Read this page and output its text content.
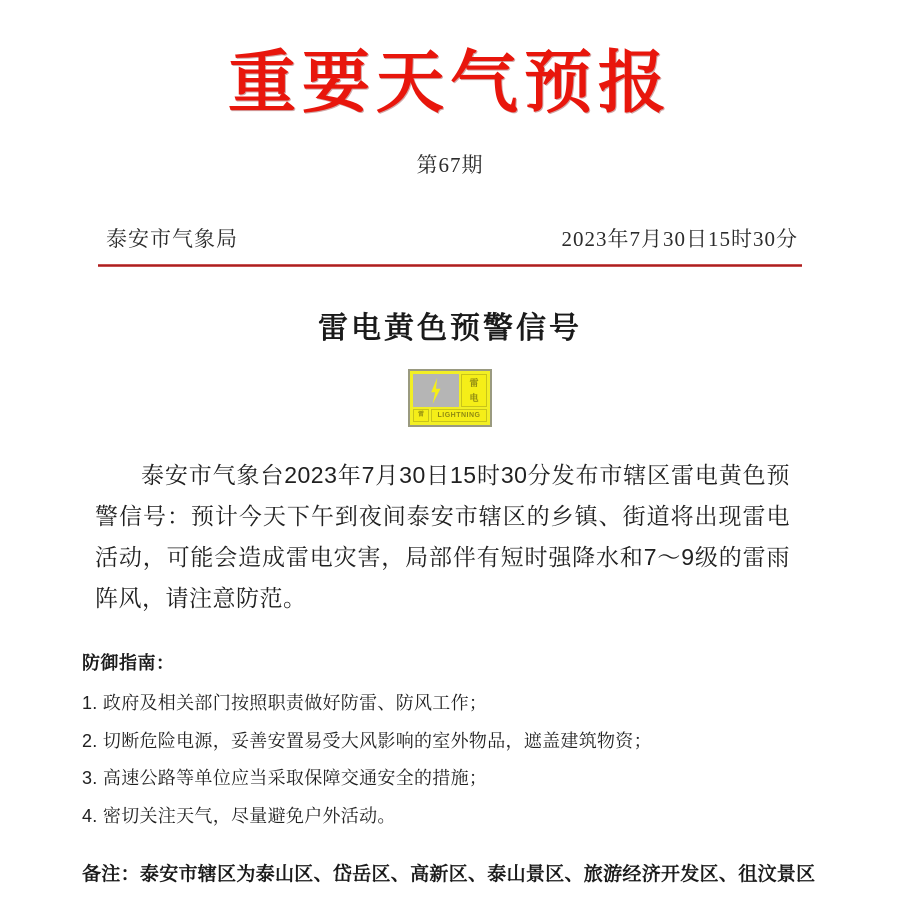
重要天气预报

第67期

泰安市气象局	2023年7月30日15时30分
雷电黄色预警信号
雷
电
雷	LIGHTNING

泰安市气象台2023年7月30日15时30分发布市辖区雷电黄色预警信号：预计今天下午到夜间泰安市辖区的乡镇、街道将出现雷电活动，可能会造成雷电灾害，局部伴有短时强降水和7～9级的雷雨阵风，请注意防范。

防御指南：

1. 政府及相关部门按照职责做好防雷、防风工作；
2. 切断危险电源，妥善安置易受大风影响的室外物品，遮盖建筑物资；
3. 高速公路等单位应当采取保障交通安全的措施；
4. 密切关注天气，尽量避免户外活动。

备注：泰安市辖区为泰山区、岱岳区、高新区、泰山景区、旅游经济开发区、徂汶景区
